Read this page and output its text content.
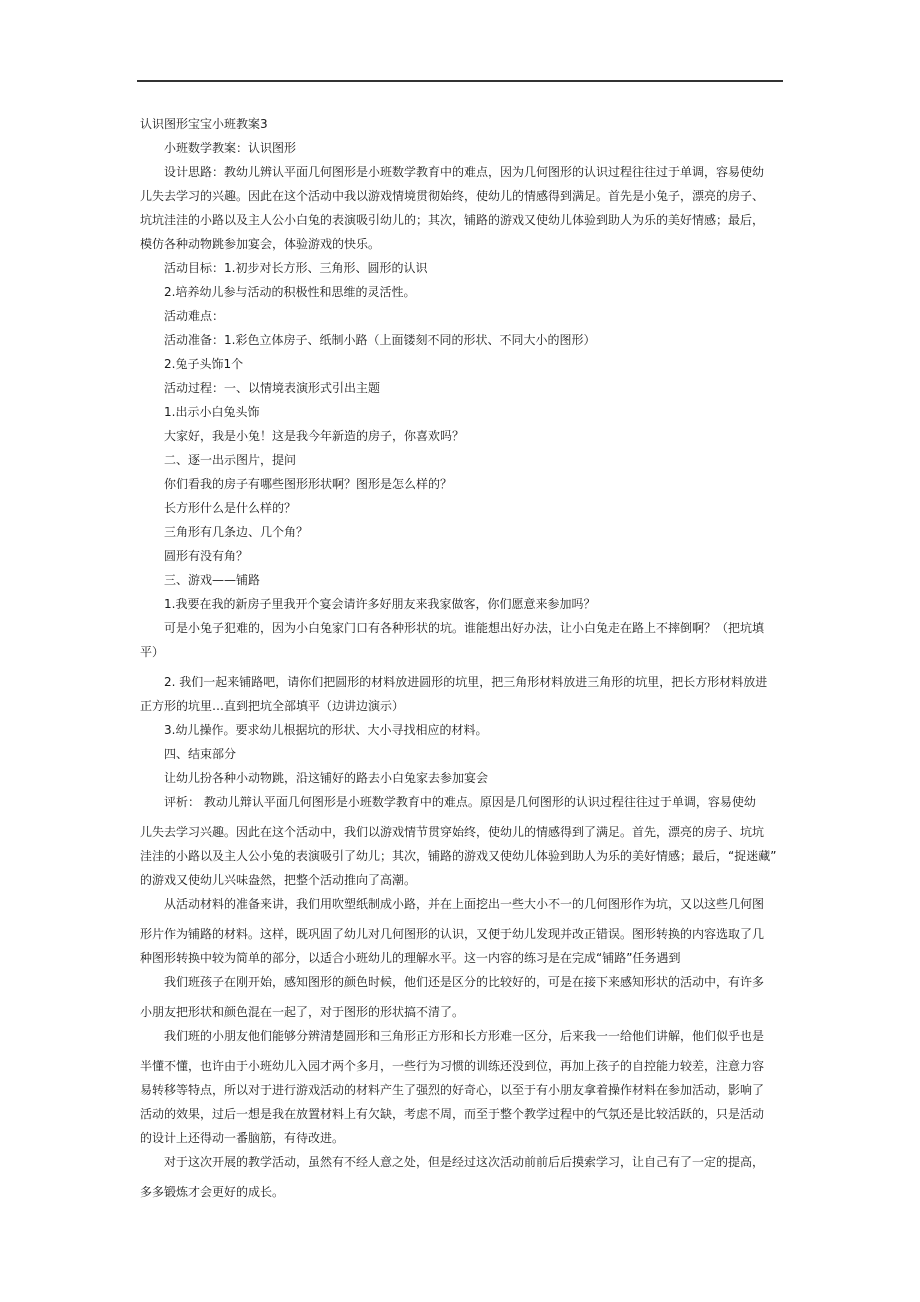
认识图形宝宝小班教案3
小班数学教案：认识图形
设计思路：教幼儿辨认平面几何图形是小班数学教育中的难点，因为几何图形的认识过程往往过于单调，容易使幼
儿失去学习的兴趣。因此在这个活动中我以游戏情境贯彻始终，使幼儿的情感得到满足。首先是小兔子，漂亮的房子、
坑坑洼洼的小路以及主人公小白兔的表演吸引幼儿的；其次，铺路的游戏又使幼儿体验到助人为乐的美好情感；最后，
模仿各种动物跳参加宴会，体验游戏的快乐。
活动目标：1.初步对长方形、三角形、圆形的认识
2.培养幼儿参与活动的积极性和思维的灵活性。
活动难点：
活动准备：1.彩色立体房子、纸制小路（上面镂刻不同的形状、不同大小的图形）
2.兔子头饰1个
活动过程：一、以情境表演形式引出主题
1.出示小白兔头饰
大家好，我是小兔！这是我今年新造的房子，你喜欢吗？
二、逐一出示图片，提问
你们看我的房子有哪些图形形状啊？图形是怎么样的？
长方形什么是什么样的？
三角形有几条边、几个角？
圆形有没有角？
三、游戏——铺路
1.我要在我的新房子里我开个宴会请许多好朋友来我家做客，你们愿意来参加吗？
可是小兔子犯难的，因为小白兔家门口有各种形状的坑。谁能想出好办法，让小白兔走在路上不摔倒啊？（把坑填
平）
2. 我们一起来铺路吧，请你们把圆形的材料放进圆形的坑里，把三角形材料放进三角形的坑里，把长方形材料放进
正方形的坑里…直到把坑全部填平（边讲边演示）
3.幼儿操作。要求幼儿根据坑的形状、大小寻找相应的材料。
四、结束部分
让幼儿扮各种小动物跳，沿这铺好的路去小白兔家去参加宴会
评析： 教动儿辩认平面几何图形是小班数学教育中的难点。原因是几何图形的认识过程往往过于单调，容易使幼
儿失去学习兴趣。因此在这个活动中，我们以游戏情节贯穿始终，使幼儿的情感得到了满足。首先，漂亮的房子、坑坑
洼洼的小路以及主人公小兔的表演吸引了幼儿；其次，铺路的游戏又使幼儿体验到助人为乐的美好情感；最后，“捉迷藏”
的游戏又使幼儿兴味盎然，把整个活动推向了高潮。
从活动材料的准备来讲，我们用吹塑纸制成小路，并在上面挖出一些大小不一的几何图形作为坑，又以这些几何图
形片作为铺路的材料。这样，既巩固了幼儿对几何图形的认识，又便于幼儿发现并改正错误。图形转换的内容选取了几
种图形转换中较为简单的部分，以适合小班幼儿的理解水平。这一内容的练习是在完成“铺路”任务遇到
我们班孩子在刚开始，感知图形的颜色时候，他们还是区分的比较好的，可是在接下来感知形状的活动中，有许多
小朋友把形状和颜色混在一起了，对于图形的形状搞不清了。
我们班的小朋友他们能够分辨清楚圆形和三角形正方形和长方形难一区分，后来我一一给他们讲解，他们似乎也是
半懂不懂，也许由于小班幼儿入园才两个多月，一些行为习惯的训练还没到位，再加上孩子的自控能力较差，注意力容
易转移等特点，所以对于进行游戏活动的材料产生了强烈的好奇心，以至于有小朋友拿着操作材料在参加活动，影响了
活动的效果，过后一想是我在放置材料上有欠缺，考虑不周，而至于整个教学过程中的气氛还是比较活跃的，只是活动
的设计上还得动一番脑筋，有待改进。
对于这次开展的教学活动，虽然有不经人意之处，但是经过这次活动前前后后摸索学习，让自己有了一定的提高，
多多锻炼才会更好的成长。
